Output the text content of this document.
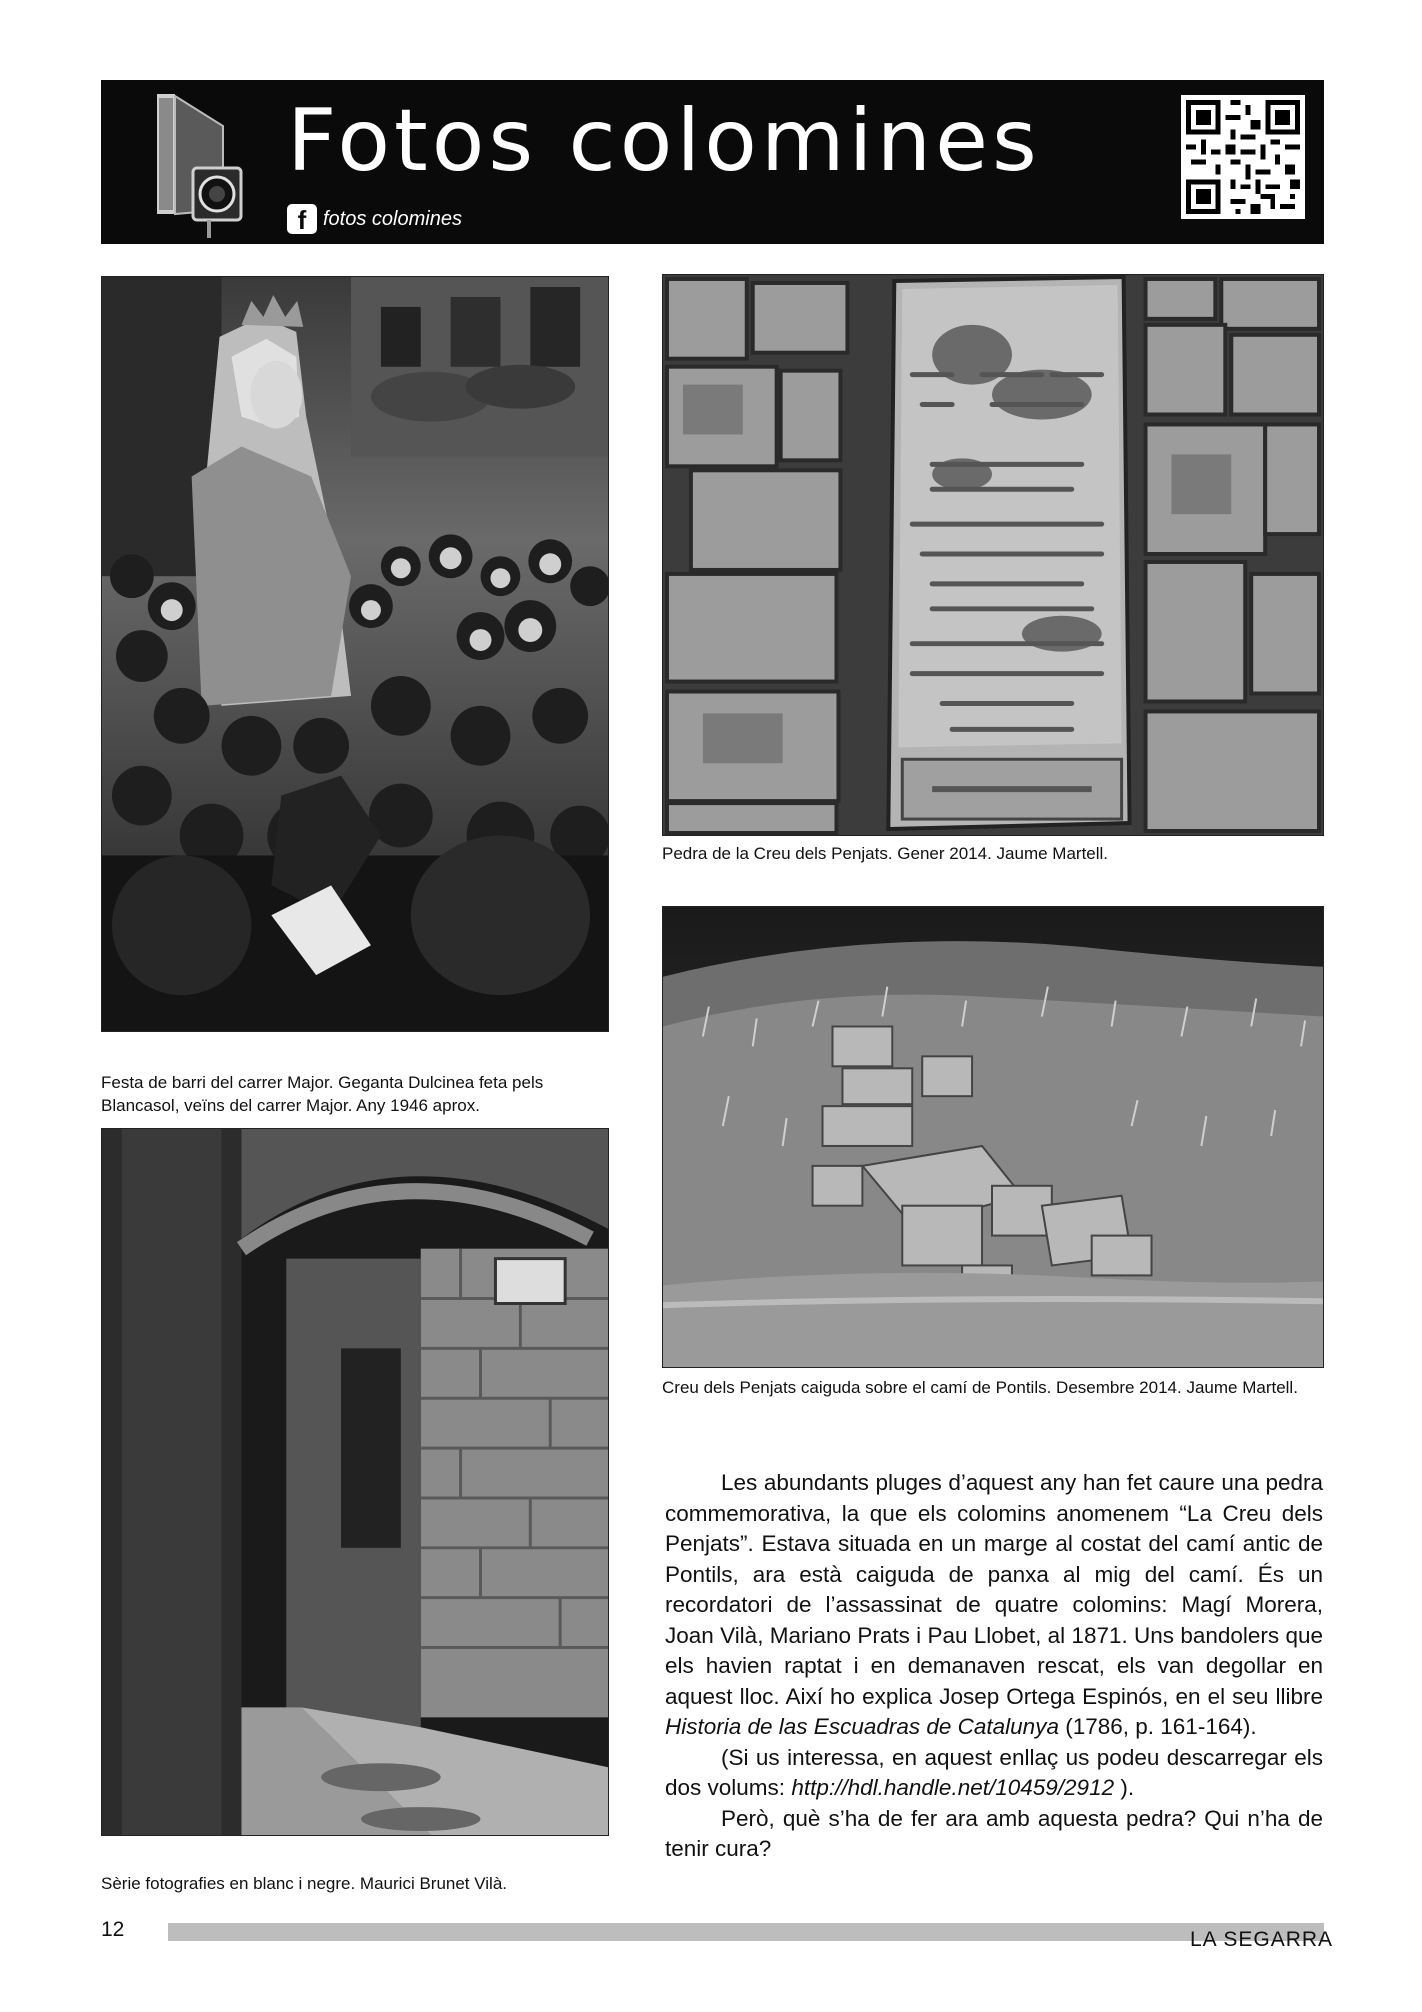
Fotos colomines
f fotos colomines
Festa de barri del carrer Major. Geganta Dulcinea feta pels Blancasol, veïns del carrer Major. Any 1946 aprox.
Pedra de la Creu dels Penjats. Gener 2014. Jaume Martell.
Creu dels Penjats caiguda sobre el camí de Pontils. Desembre 2014. Jaume Martell.
Sèrie fotografies en blanc i negre. Maurici Brunet Vilà.

Les abundants pluges d’aquest any han fet caure una pedra commemorativa, la que els colomins anomenem “La Creu dels Penjats”. Estava situada en un marge al costat del camí antic de Pontils, ara està caiguda de panxa al mig del camí. És un recordatori de l’assassinat de quatre colomins: Magí Morera, Joan Vilà, Mariano Prats i Pau Llobet, al 1871. Uns bandolers que els havien raptat i en demanaven rescat, els van degollar en aquest lloc. Així ho explica Josep Ortega Espinós, en el seu llibre Historia de las Escuadras de Catalunya (1786, p. 161-164).

(Si us interessa, en aquest enllaç us podeu descarregar els dos volums: http://hdl.handle.net/10459/2912 ).

Però, què s’ha de fer ara amb aquesta pedra? Qui n’ha de tenir cura?

12	LA SEGARRA
